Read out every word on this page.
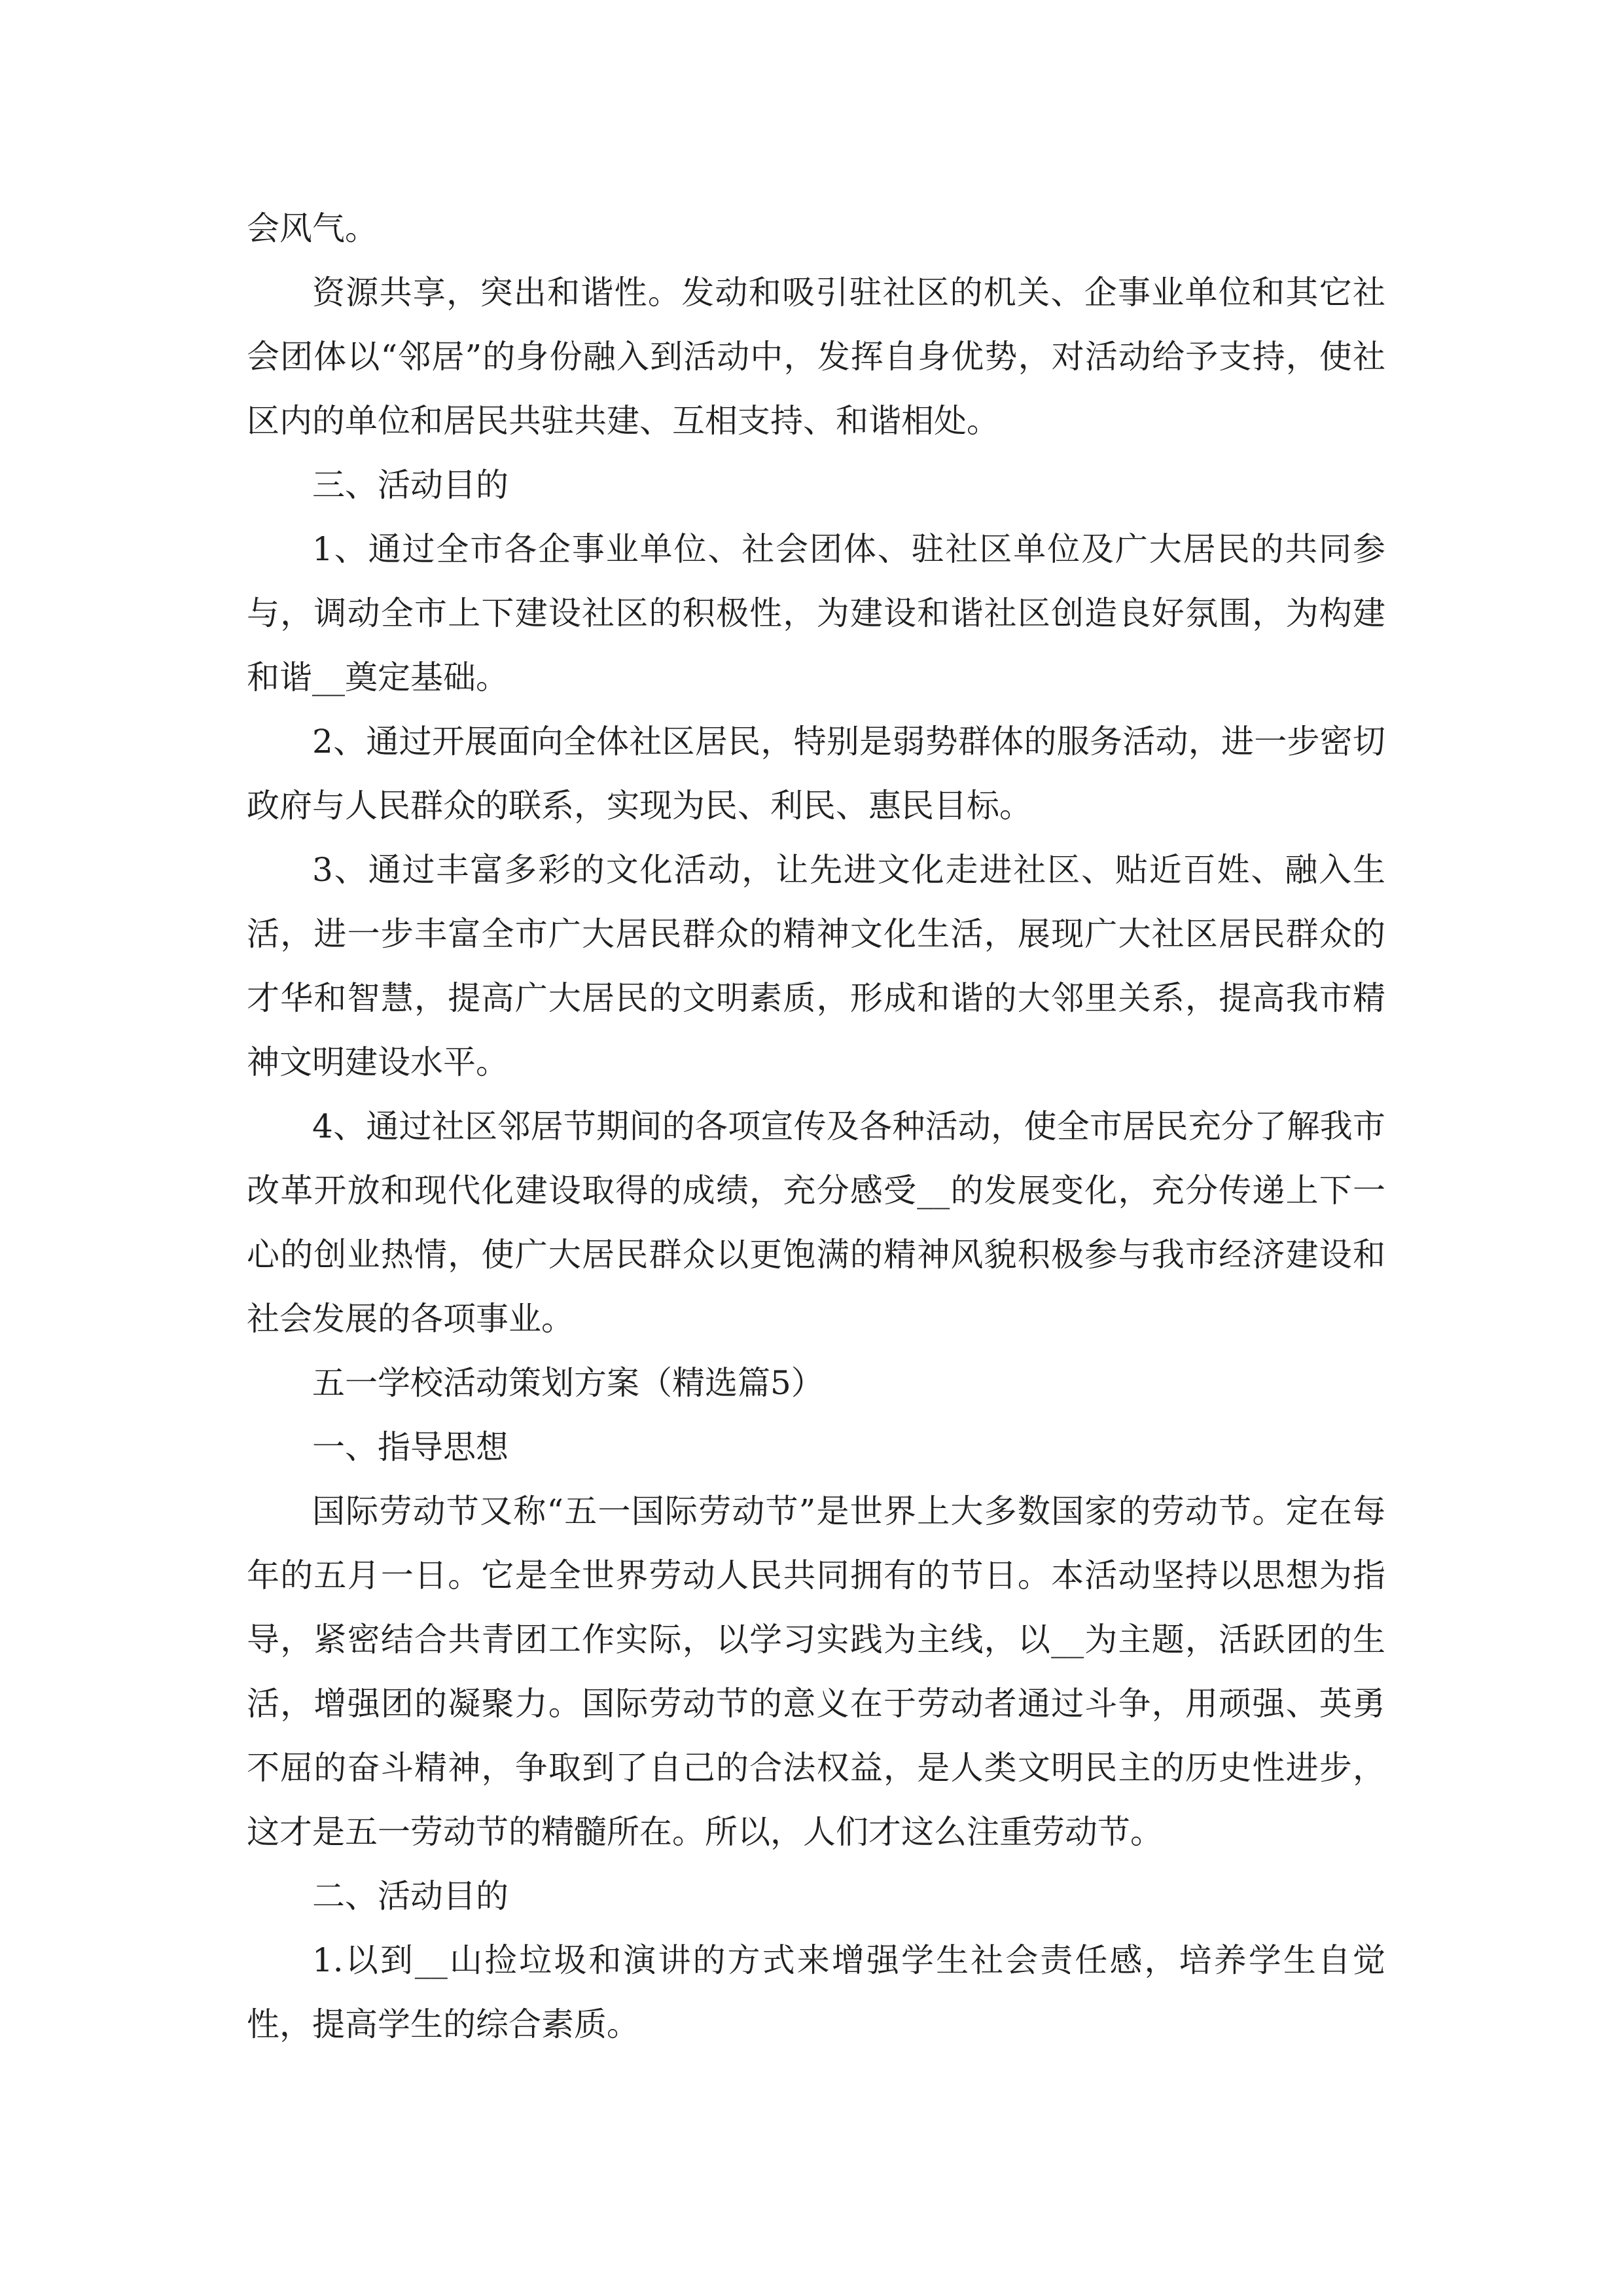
会风气。

资源共享，突出和谐性。发动和吸引驻社区的机关、企事业单位和其它社会团体以“邻居”的身份融入到活动中，发挥自身优势，对活动给予支持，使社区内的单位和居民共驻共建、互相支持、和谐相处。

三、活动目的

1、通过全市各企事业单位、社会团体、驻社区单位及广大居民的共同参与，调动全市上下建设社区的积极性，为建设和谐社区创造良好氛围，为构建和谐__奠定基础。

2、通过开展面向全体社区居民，特别是弱势群体的服务活动，进一步密切政府与人民群众的联系，实现为民、利民、惠民目标。

3、通过丰富多彩的文化活动，让先进文化走进社区、贴近百姓、融入生活，进一步丰富全市广大居民群众的精神文化生活，展现广大社区居民群众的才华和智慧，提高广大居民的文明素质，形成和谐的大邻里关系，提高我市精神文明建设水平。

4、通过社区邻居节期间的各项宣传及各种活动，使全市居民充分了解我市改革开放和现代化建设取得的成绩，充分感受__的发展变化，充分传递上下一心的创业热情，使广大居民群众以更饱满的精神风貌积极参与我市经济建设和社会发展的各项事业。

五一学校活动策划方案（精选篇5）

一、指导思想

国际劳动节又称“五一国际劳动节”是世界上大多数国家的劳动节。定在每年的五月一日。它是全世界劳动人民共同拥有的节日。本活动坚持以思想为指导，紧密结合共青团工作实际，以学习实践为主线，以__为主题，活跃团的生活，增强团的凝聚力。国际劳动节的意义在于劳动者通过斗争，用顽强、英勇不屈的奋斗精神，争取到了自己的合法权益，是人类文明民主的历史性进步，这才是五一劳动节的精髓所在。所以，人们才这么注重劳动节。

二、活动目的

1.以到__山捡垃圾和演讲的方式来增强学生社会责任感，培养学生自觉性，提高学生的综合素质。
